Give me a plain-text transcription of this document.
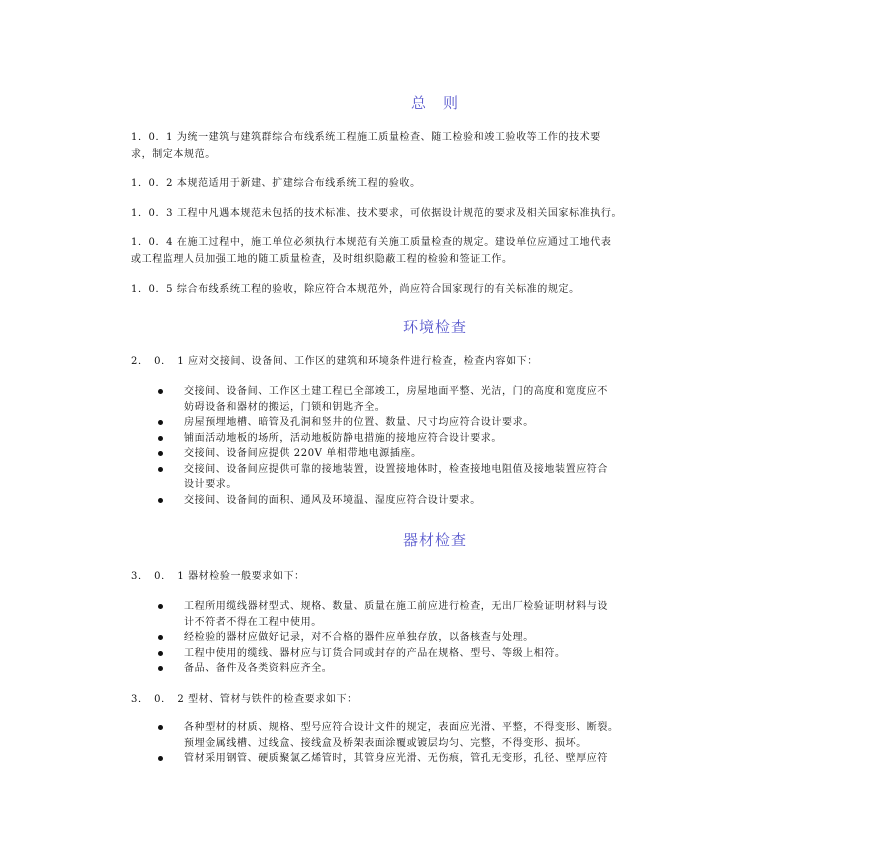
总　则
1．0．1 为统一建筑与建筑群综合布线系统工程施工质量检查、随工检验和竣工验收等工作的技术要
求，制定本规范。
1．0．2 本规范适用于新建、扩建综合布线系统工程的验收。
1．0．3 工程中凡遇本规范未包括的技术标准、技术要求，可依据设计规范的要求及相关国家标准执行。
1．0．4 在施工过程中，施工单位必须执行本规范有关施工质量检查的规定。建设单位应通过工地代表
或工程监理人员加强工地的随工质量检查，及时组织隐蔽工程的检验和签证工作。
1．0．5 综合布线系统工程的验收，除应符合本规范外，尚应符合国家现行的有关标准的规定。
环境检查
2．　0．　1 应对交接间、设备间、工作区的建筑和环境条件进行检查，检查内容如下：
交接间、设备间、工作区土建工程已全部竣工，房屋地面平整、光洁，门的高度和宽度应不
妨碍设备和器材的搬运，门锁和钥匙齐全。
房屋预埋地槽、暗管及孔洞和竖井的位置、数量、尺寸均应符合设计要求。
铺面活动地板的场所，活动地板防静电措施的接地应符合设计要求。
交接间、设备间应提供 220V 单相带地电源插座。
交接间、设备间应提供可靠的接地装置，设置接地体时，检查接地电阻值及接地装置应符合
设计要求。
交接间、设备间的面积、通风及环境温、湿度应符合设计要求。
器材检查
3．　0．　1 器材检验一般要求如下：
工程所用缆线器材型式、规格、数量、质量在施工前应进行检查，无出厂检验证明材料与设
计不符者不得在工程中使用。
经检验的器材应做好记录，对不合格的器件应单独存放，以备核查与处理。
工程中使用的缆线、器材应与订货合同或封存的产品在规格、型号、等级上相符。
备品、备件及各类资料应齐全。
3．　0．　2 型材、管材与铁件的检查要求如下：
各种型材的材质、规格、型号应符合设计文件的规定，表面应光滑、平整，不得变形、断裂。
预埋金属线槽、过线盒、接线盒及桥架表面涂覆或镀层均匀、完整，不得变形、损坏。
管材采用钢管、硬质聚氯乙烯管时，其管身应光滑、无伤痕，管孔无变形，孔径、壁厚应符
